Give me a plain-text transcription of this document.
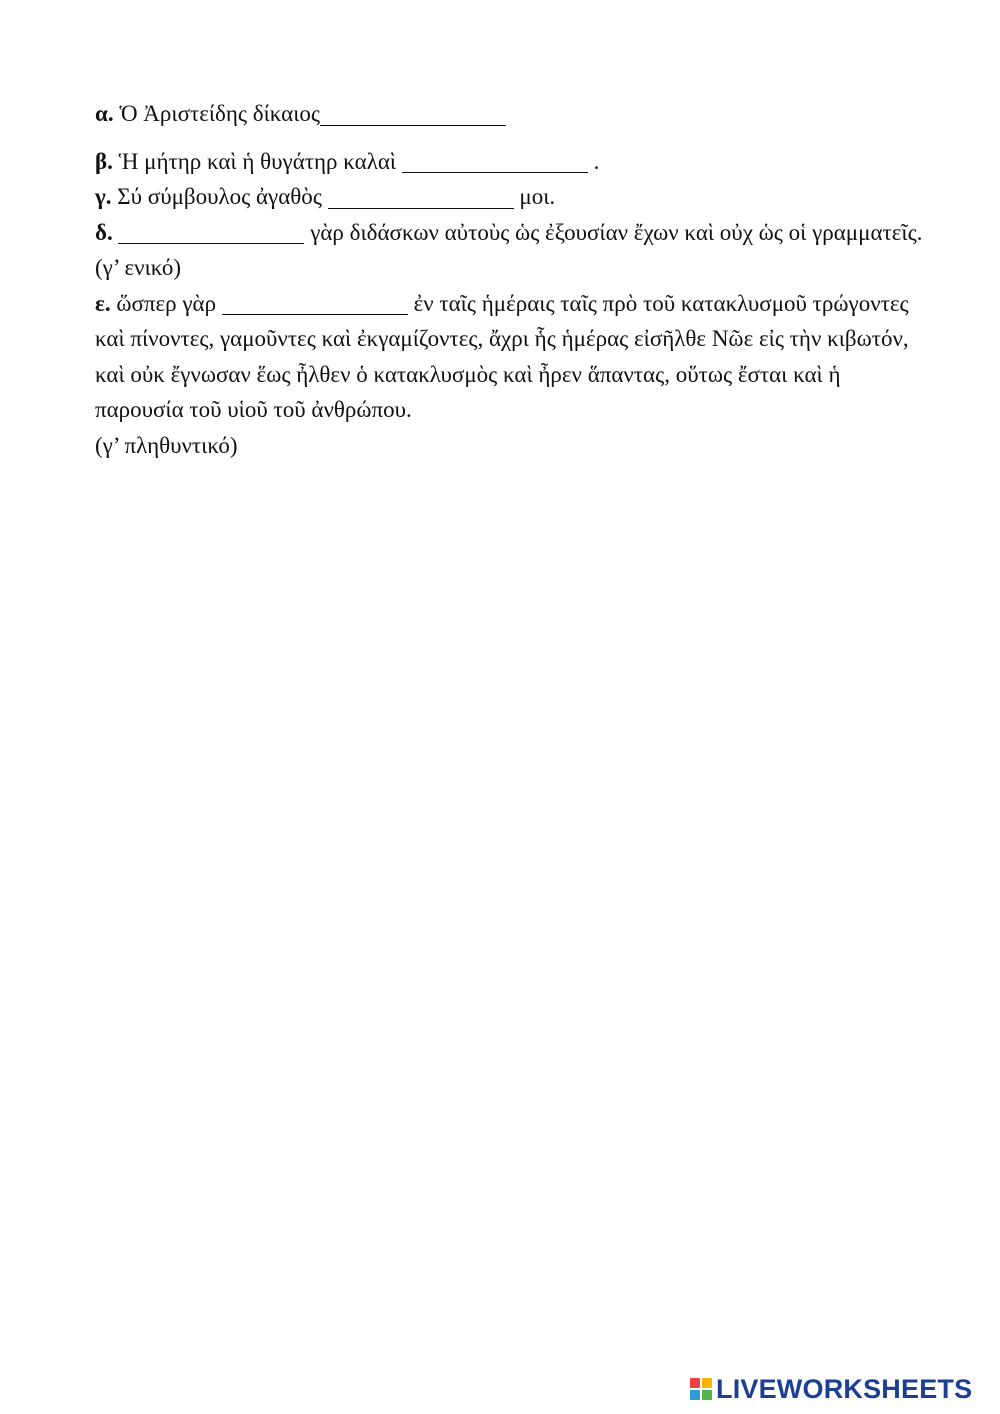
α. Ὁ Ἀριστείδης δίκαιος

β. Ἡ μήτηρ καὶ ἡ θυγάτηρ καλαὶ	.

γ. Σύ σύμβουλος ἀγαθὸς	μοι.

δ.	γὰρ διδάσκων αὐτοὺς ὡς ἐξουσίαν ἔχων καὶ οὐχ ὡς οἱ γραμματεῖς. (γ’ ενικό)

ε. ὥσπερ γὰρ	ἐν ταῖς ἡμέραις ταῖς πρὸ τοῦ κατακλυσμοῦ τρώγοντες καὶ πίνοντες, γαμοῦντες καὶ ἐκγαμίζοντες, ἄχρι ἧς ἡμέρας εἰσῆλθε Νῶε εἰς τὴν κιβωτόν, καὶ οὐκ ἔγνωσαν ἕως ἦλθεν ὁ κατακλυσμὸς καὶ ἦρεν ἅπαντας, οὕτως ἔσται καὶ ἡ παρουσία τοῦ υἱοῦ τοῦ ἀνθρώπου.
(γ’ πληθυντικό)

LIVEWORKSHEETS
